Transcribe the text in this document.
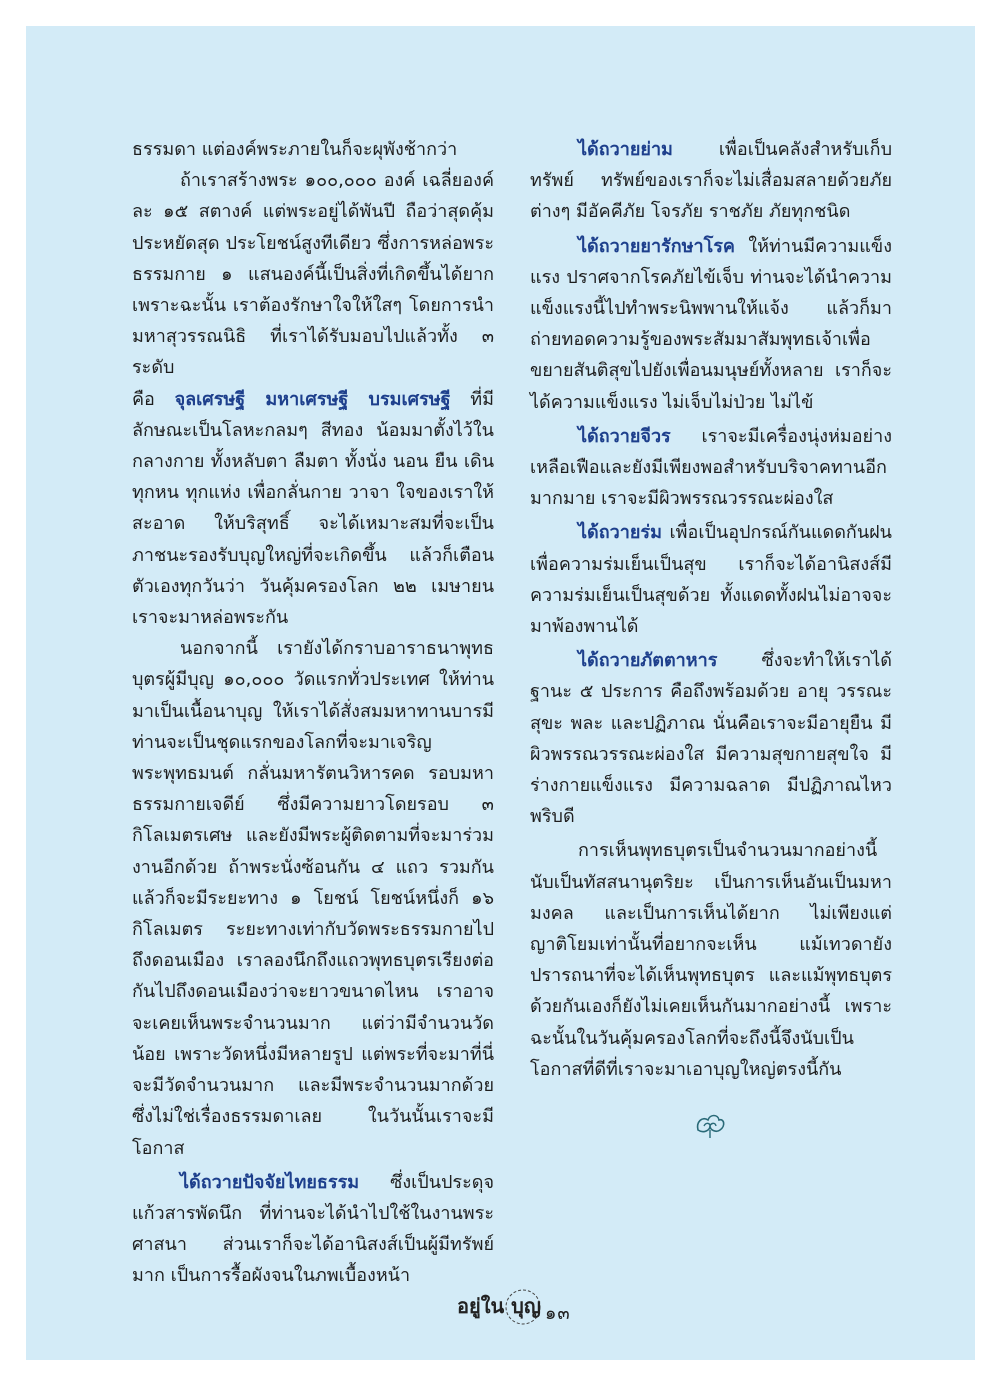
ธรรมดา แต่องค์พระภายในก็จะผุพังช้ากว่า

ถ้าเราสร้างพระ ๑๐๐,๐๐๐ องค์ เฉลี่ยองค์ละ ๑๕ สตางค์ แต่พระอยู่ได้พันปี ถือว่าสุดคุ้ม ประหยัดสุด ประโยชน์สูงทีเดียว ซึ่งการหล่อพระธรรมกาย ๑ แสนองค์นี้เป็นสิ่งที่เกิดขึ้นได้ยาก เพราะฉะนั้น เราต้องรักษาใจให้ใสๆ โดยการนำมหาสุวรรณนิธิ ที่เราได้รับมอบไปแล้วทั้ง ๓ ระดับ

คือ จุลเศรษฐี มหาเศรษฐี บรมเศรษฐี ที่มีลักษณะเป็นโลหะกลมๆ สีทอง น้อมมาตั้งไว้ในกลางกาย ทั้งหลับตา ลืมตา ทั้งนั่ง นอน ยืน เดิน ทุกหน ทุกแห่ง เพื่อกลั่นกาย วาจา ใจของเราให้สะอาด ให้บริสุทธิ์ จะได้เหมาะสมที่จะเป็นภาชนะรองรับบุญใหญ่ที่จะเกิดขึ้น แล้วก็เตือนตัวเองทุกวันว่า วันคุ้มครองโลก ๒๒ เมษายน เราจะมาหล่อพระกัน

นอกจากนี้ เรายังได้กราบอาราธนาพุทธบุตรผู้มีบุญ ๑๐,๐๐๐ วัดแรกทั่วประเทศ ให้ท่านมาเป็นเนื้อนาบุญ ให้เราได้สั่งสมมหาทานบารมี ท่านจะเป็นชุดแรกของโลกที่จะมาเจริญพระพุทธมนต์ กลั่นมหารัตนวิหารคด รอบมหาธรรมกายเจดีย์ ซึ่งมีความยาวโดยรอบ ๓ กิโลเมตรเศษ และยังมีพระผู้ติดตามที่จะมาร่วมงานอีกด้วย ถ้าพระนั่งซ้อนกัน ๔ แถว รวมกันแล้วก็จะมีระยะทาง ๑ โยชน์ โยชน์หนึ่งก็ ๑๖ กิโลเมตร ระยะทางเท่ากับวัดพระธรรมกายไปถึงดอนเมือง เราลองนึกถึงแถวพุทธบุตรเรียงต่อกันไปถึงดอนเมืองว่าจะยาวขนาดไหน เราอาจจะเคยเห็นพระจำนวนมาก แต่ว่ามีจำนวนวัดน้อย เพราะวัดหนึ่งมีหลายรูป แต่พระที่จะมาที่นี่จะมีวัดจำนวนมาก และมีพระจำนวนมากด้วย ซึ่งไม่ใช่เรื่องธรรมดาเลย ในวันนั้นเราจะมีโอกาส

ได้ถวายปัจจัยไทยธรรม ซึ่งเป็นประดุจแก้วสารพัดนึก ที่ท่านจะได้นำไปใช้ในงานพระศาสนา ส่วนเราก็จะได้อานิสงส์เป็นผู้มีทรัพย์มาก เป็นการรื้อผังจนในภพเบื้องหน้า

ได้ถวายย่าม เพื่อเป็นคลังสำหรับเก็บทรัพย์ ทรัพย์ของเราก็จะไม่เสื่อมสลายด้วยภัยต่างๆ มีอัคคีภัย โจรภัย ราชภัย ภัยทุกชนิด

ได้ถวายยารักษาโรค ให้ท่านมีความแข็งแรง ปราศจากโรคภัยไข้เจ็บ ท่านจะได้นำความแข็งแรงนี้ไปทำพระนิพพานให้แจ้ง แล้วก็มาถ่ายทอดความรู้ของพระสัมมาสัมพุทธเจ้าเพื่อขยายสันติสุขไปยังเพื่อนมนุษย์ทั้งหลาย เราก็จะได้ความแข็งแรง ไม่เจ็บไม่ป่วย ไม่ไข้

ได้ถวายจีวร เราจะมีเครื่องนุ่งห่มอย่างเหลือเฟือและยังมีเพียงพอสำหรับบริจาคทานอีกมากมาย เราจะมีผิวพรรณวรรณะผ่องใส

ได้ถวายร่ม เพื่อเป็นอุปกรณ์กันแดดกันฝน เพื่อความร่มเย็นเป็นสุข เราก็จะได้อานิสงส์มีความร่มเย็นเป็นสุขด้วย ทั้งแดดทั้งฝนไม่อาจจะมาพ้องพานได้

ได้ถวายภัตตาหาร ซึ่งจะทำให้เราได้ฐานะ ๕ ประการ คือถึงพร้อมด้วย อายุ วรรณะ สุขะ พละ และปฏิภาณ นั่นคือเราจะมีอายุยืน มีผิวพรรณวรรณะผ่องใส มีความสุขกายสุขใจ มีร่างกายแข็งแรง มีความฉลาด มีปฏิภาณไหวพริบดี

การเห็นพุทธบุตรเป็นจำนวนมากอย่างนี้ นับเป็นทัสสนานุตริยะ เป็นการเห็นอันเป็นมหามงคล และเป็นการเห็นได้ยาก ไม่เพียงแต่ญาติโยมเท่านั้นที่อยากจะเห็น แม้เทวดายังปรารถนาที่จะได้เห็นพุทธบุตร และแม้พุทธบุตรด้วยกันเองก็ยังไม่เคยเห็นกันมากอย่างนี้ เพราะฉะนั้นในวันคุ้มครองโลกที่จะถึงนี้จึงนับเป็นโอกาสที่ดีที่เราจะมาเอาบุญใหญ่ตรงนี้กัน

อยู่ใน บุญ ๑๓
